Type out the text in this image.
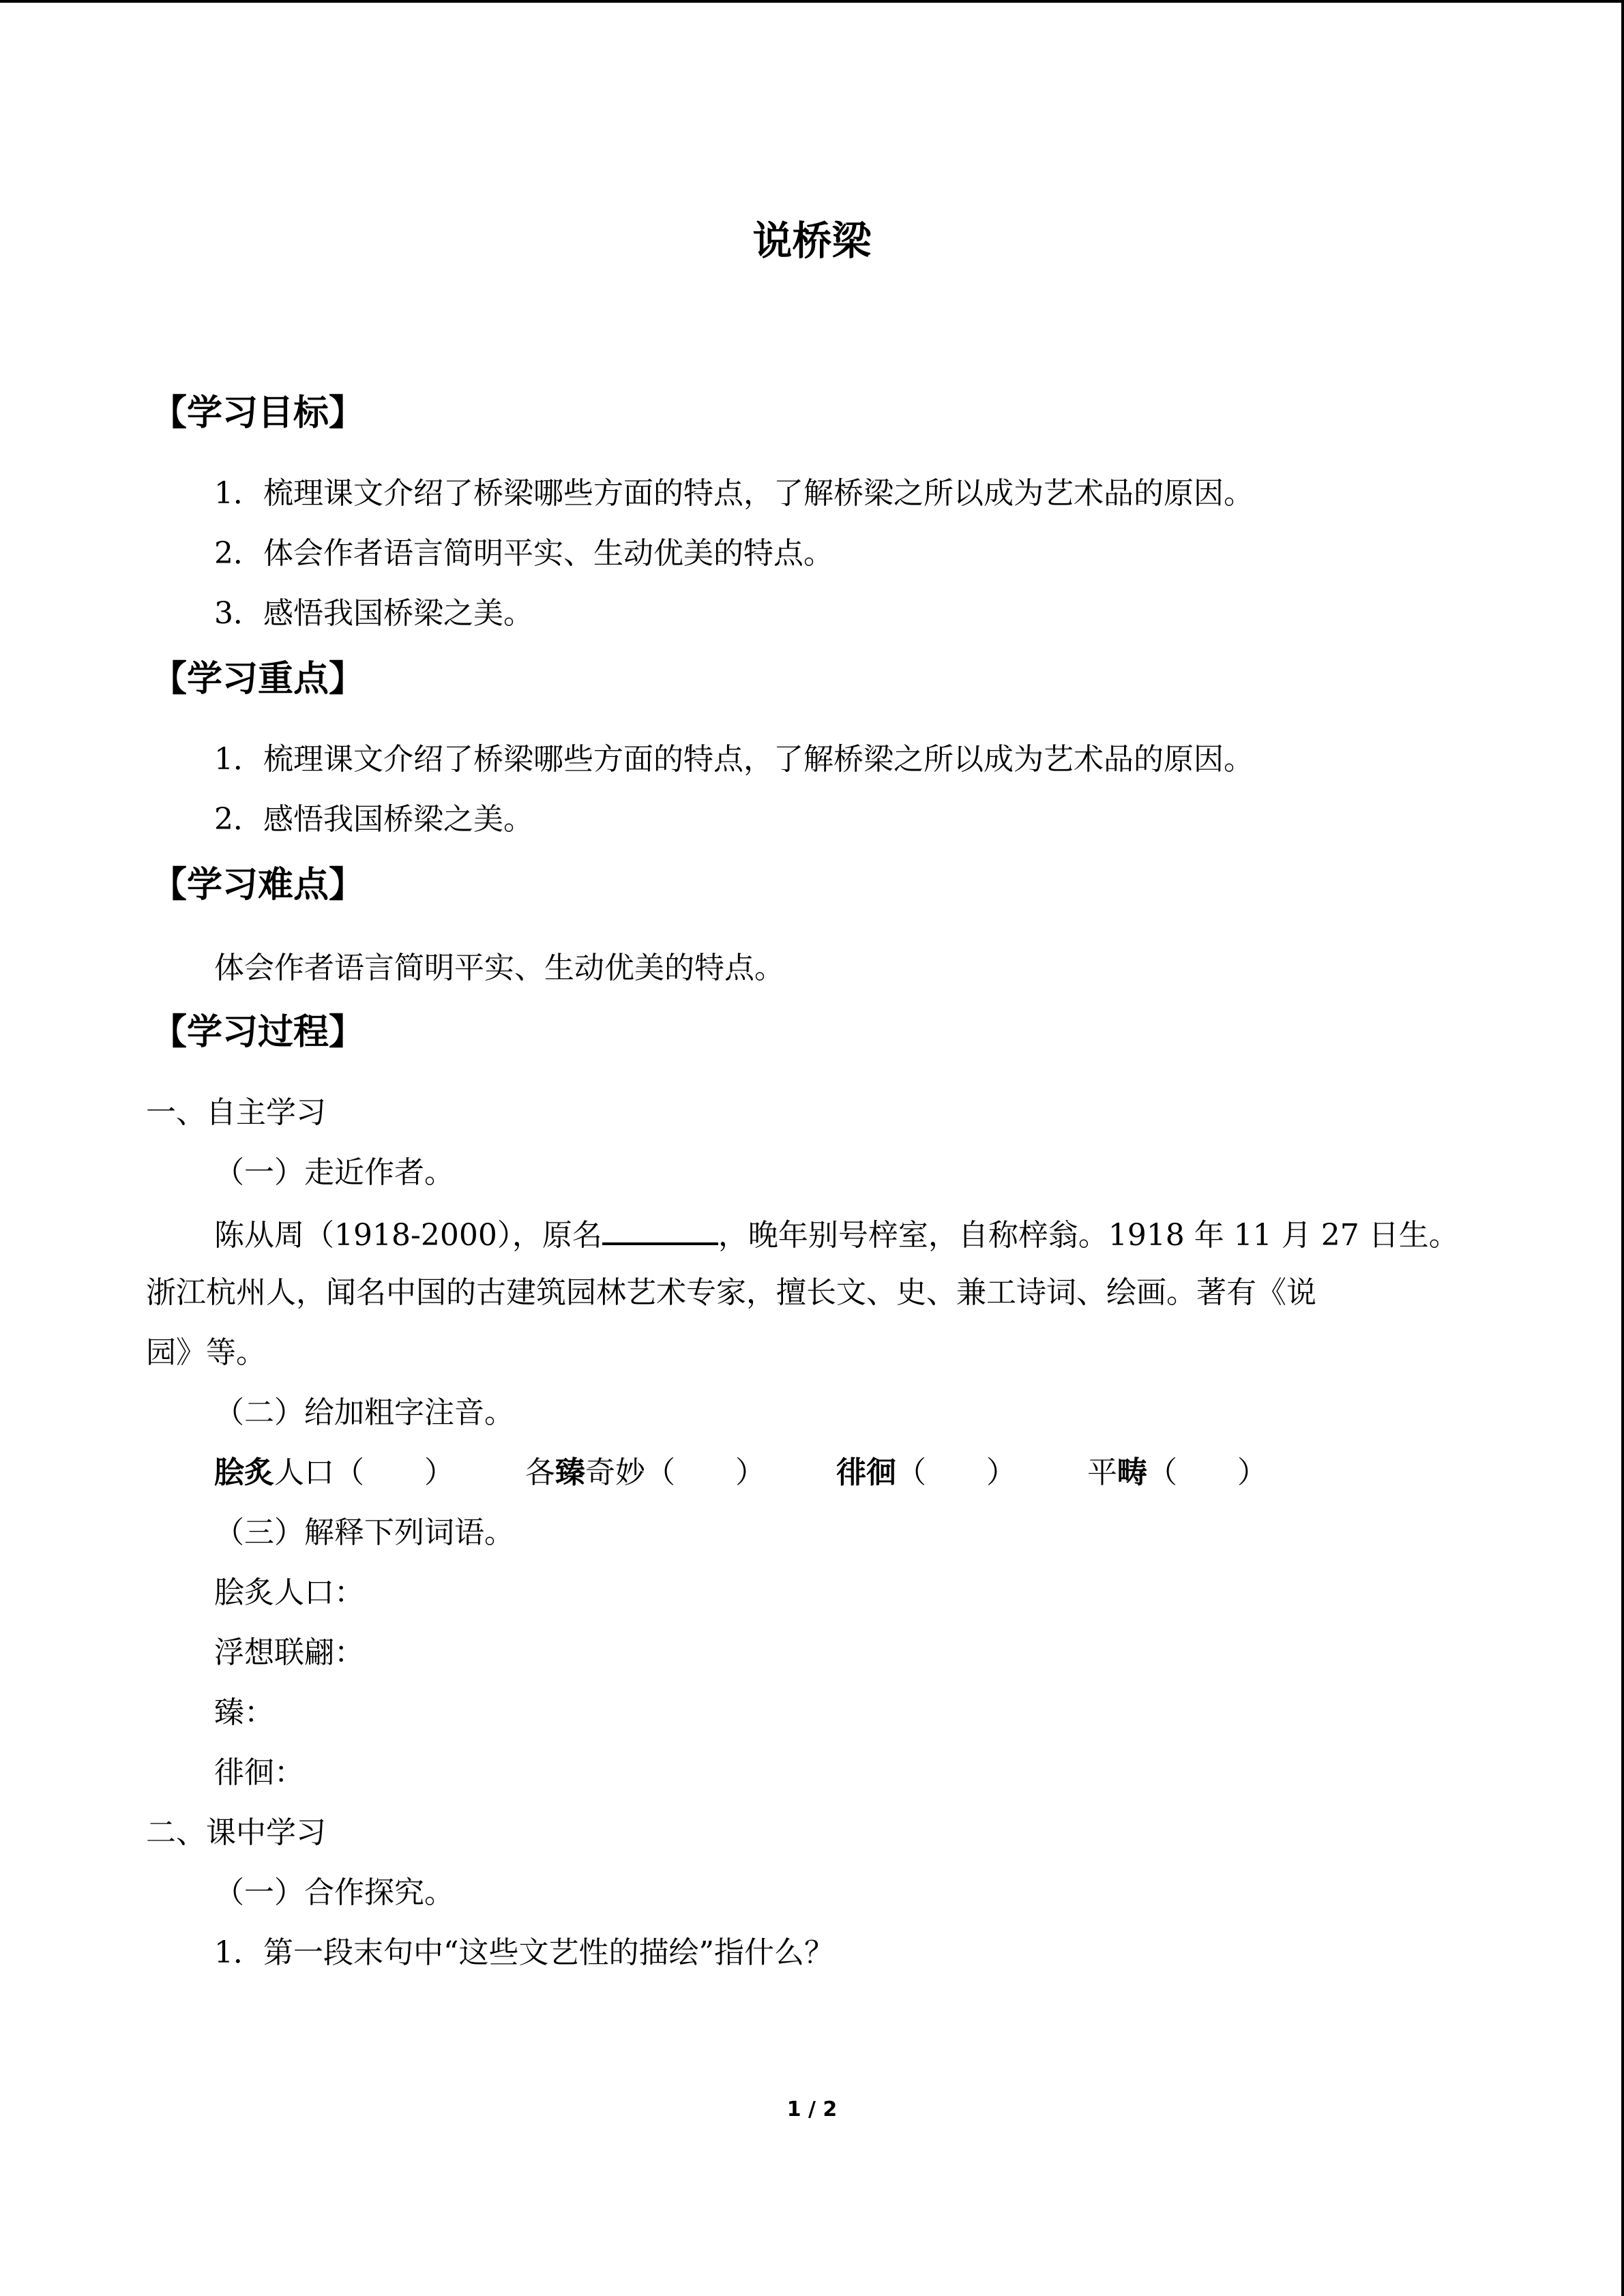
说桥梁
【学习目标】
1．梳理课文介绍了桥梁哪些方面的特点，了解桥梁之所以成为艺术品的原因。
2．体会作者语言简明平实、生动优美的特点。
3．感悟我国桥梁之美。
【学习重点】
1．梳理课文介绍了桥梁哪些方面的特点，了解桥梁之所以成为艺术品的原因。
2．感悟我国桥梁之美。
【学习难点】
体会作者语言简明平实、生动优美的特点。
【学习过程】
一、自主学习
（一）走近作者。
陈从周（1918-2000），原名	，晚年别号梓室，自称梓翁。1918 年 11 月 27 日生。
浙江杭州人，闻名中国的古建筑园林艺术专家，擅长文、史、兼工诗词、绘画。著有《说
园》等。
（二）给加粗字注音。
脍炙人口（　　） 各臻奇妙（　　） 徘徊（　　） 平畴（　　）
（三）解释下列词语。
脍炙人口：
浮想联翩：
臻：
徘徊：
二、课中学习
（一）合作探究。
1．第一段末句中“这些文艺性的描绘”指什么？
1 / 2
